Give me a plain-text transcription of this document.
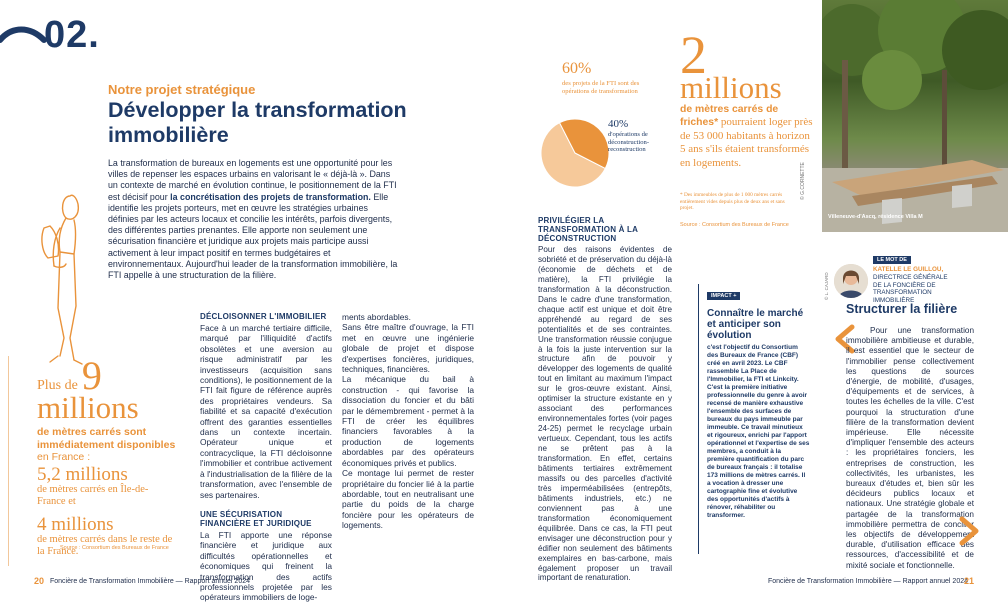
02.
Notre projet stratégique
Développer la transformation
immobilière

La transformation de bureaux en logements est une opportunité pour les villes de repenser les espaces urbains en valorisant le « déjà-là ». Dans un contexte de marché en évolution continue, le positionnement de la FTI est décisif pour la concrétisation des projets de transformation. Elle identifie les projets porteurs, met en œuvre les stratégies urbaines définies par les acteurs locaux et concilie les intérêts, parfois divergents, des différentes parties prenantes. Elle apporte non seulement une sécurisation financière et juridique aux projets mais participe aussi activement à leur impact positif en termes budgétaires et environnementaux. Aujourd'hui leader de la transformation immobilière, la FTI appelle à une structuration de la filière.

Plus de 9
millions
de mètres carrés sont immédiatement disponibles en France :
5,2 millions
de mètres carrés en Île-de-France et
4 millions
de mètres carrés dans le reste de la France.
Source : Consortium des Bureaux de France
DÉCLOISONNER L'IMMOBILIER

Face à un marché tertiaire difficile, marqué par l'illiquidité d'actifs obsolètes et une aversion au risque administratif par les investisseurs (acquisition sans conditions), le positionnement de la FTI fait figure de référence auprès des propriétaires vendeurs. Sa fiabilité et sa capacité d'exécution offrent des garanties essentielles dans un contexte incertain. Opérateur unique et contracyclique, la FTI décloisonne l'immobilier et contribue activement à l'industrialisation de la filière de la transformation, avec l'ensemble de ses partenaires.

UNE SÉCURISATION FINANCIÈRE ET JURIDIQUE

La FTI apporte une réponse financière et juridique aux difficultés opérationnelles et économiques qui freinent la transformation des actifs professionnels projetée par les opérateurs immobiliers de loge-

ments abordables.
Sans être maître d'ouvrage, la FTI met en œuvre une ingénierie globale de projet et dispose d'expertises foncières, juridiques, techniques, financières.
La mécanique du bail à construction - qui favorise la dissociation du foncier et du bâti par le démembrement - permet à la FTI de créer les équilibres financiers favorables à la production de logements abordables par des opérateurs économiques privés et publics.
Ce montage lui permet de rester propriétaire du foncier lié à la partie abordable, tout en neutralisant une partie du poids de la charge foncière pour les opérateurs de logements.

60%
des projets de la FTI sont des opérations de transformation
40%
d'opérations de déconstruction-reconstruction
PRIVILÉGIER LA TRANSFORMATION À LA DÉCONSTRUCTION

Pour des raisons évidentes de sobriété et de préservation du déjà-là (économie de déchets et de matière), la FTI privilégie la transformation à la déconstruction. Dans le cadre d'une transformation, chaque actif est unique et doit être appréhendé au regard de ses potentialités et de ses contraintes. Une transformation réussie conjugue à la fois la juste intervention sur la structure afin de pouvoir y développer des logements de qualité tout en limitant au maximum l'impact sur le gros-œuvre existant. Ainsi, optimiser la structure existante en y associant des performances environnementales fortes (voir pages 24-25) permet le recyclage urbain vertueux. Cependant, tous les actifs ne se prêtent pas à la transformation. En effet, certains bâtiments tertiaires extrêmement massifs ou des parcelles d'activité très imperméabilisées (entrepôts, bâtiments industriels, etc.) ne conviennent pas à une transformation économiquement équilibrée. Dans ce cas, la FTI peut envisager une déconstruction pour y édifier non seulement des bâtiments exemplaires en bas-carbone, mais également proposer un travail important de renaturation.

20 Foncière de Transformation Immobilière — Rapport annuel 2024
2
millions
de mètres carrés de friches* pourraient loger près de 53 000 habitants à horizon 5 ans s'ils étaient transformés en logements.
* Des immeubles de plus de 1 000 mètres carrés entièrement vides depuis plus de deux ans et sans projet.
Source : Consortium des Bureaux de France
Villeneuve-d'Ascq, résidence Villa M
© G.CORNETTE
IMPACT +
Connaître le marché et anticiper son évolution
c'est l'objectif du Consortium des Bureaux de France (CBF) créé en avril 2023. Le CBF rassemble La Place de l'Immobilier, la FTI et Linkcity. C'est la première initiative professionnelle du genre à avoir recensé de manière exhaustive l'ensemble des surfaces de bureaux du pays immeuble par immeuble. Ce travail minutieux et rigoureux, enrichi par l'apport opérationnel et l'expertise de ses membres, a conduit à la première quantification du parc de bureaux français : il totalise 173 millions de mètres carrés. Il a vocation à dresser une cartographie fine et évolutive des opportunités d'actifs à rénover, réhabiliter ou transformer.
LE MOT DE
© L. CAJARD
KATELLE LE GUILLOU,
DIRECTRICE GÉNÉRALE DE LA FONCIÈRE DE TRANSFORMATION IMMOBILIÈRE
Structurer la filière

Pour une transformation immobilière ambitieuse et durable, il est essentiel que le secteur de l'immobilier pense collectivement les questions de sources d'énergie, de mobilité, d'usages, d'équipements et de services, à toutes les échelles de la ville. C'est pourquoi la structuration d'une filière de la transformation devient impérieuse. Elle nécessite d'impliquer l'ensemble des acteurs : les propriétaires fonciers, les entreprises de construction, les collectivités, les urbanistes, les bureaux d'études et, bien sûr les décideurs publics locaux et nationaux. Une stratégie globale et partagée de la transformation immobilière permettra de concilier les objectifs de développement durable, d'utilisation efficace des ressources, d'accessibilité et de mixité sociale et fonctionnelle.

Foncière de Transformation Immobilière — Rapport annuel 2024
21
